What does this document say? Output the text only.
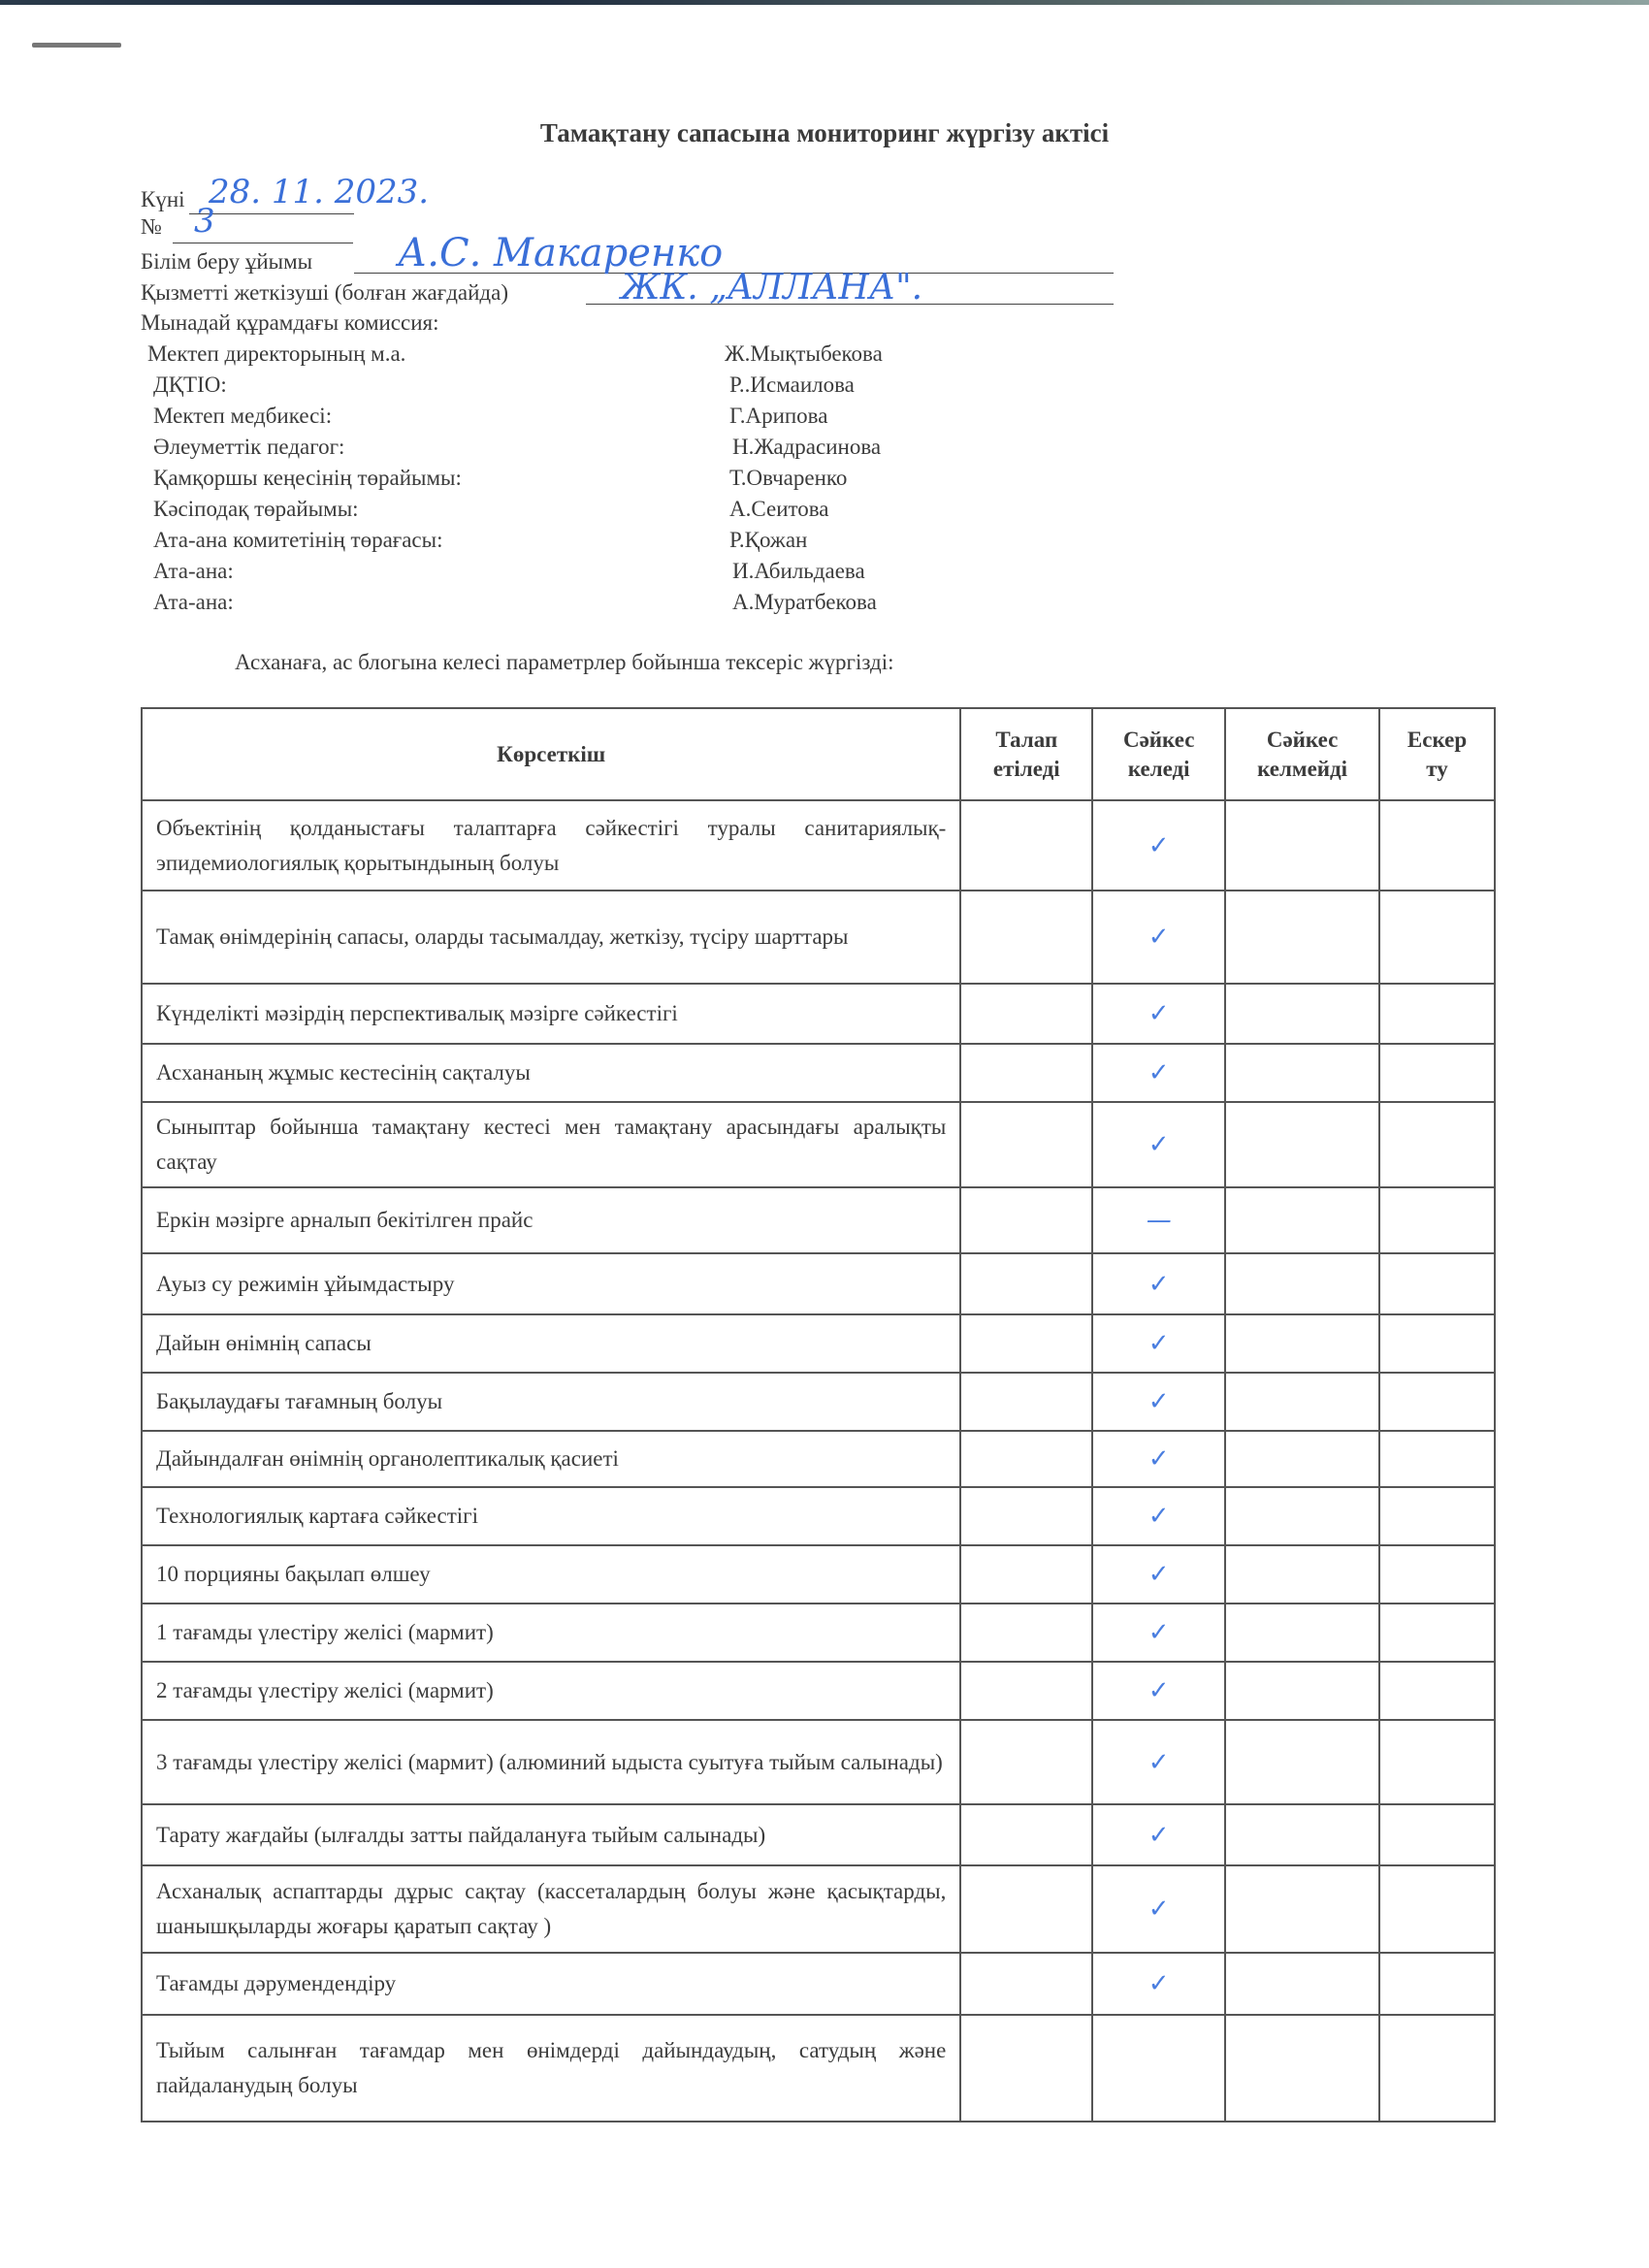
Тамақтану сапасына мониторинг жүргізу актісі
Күні 28. 11. 2023.
№ 3
Білім беру ұйымы А.С. Макаренко
Қызметті жеткізуші (болған жағдайда)	ЖК. „АЛЛАНА".
Мынадай құрамдағы комиссия:
Мектеп директорының м.а.	Ж.Мықтыбекова
ДҚТІО:	Р..Исмаилова
Мектеп медбикесі:	Г.Арипова
Әлеуметтік педагог:	Н.Жадрасинова
Қамқоршы кеңесінің төрайымы:	Т.Овчаренко
Кәсіподақ төрайымы:	А.Сеитова
Ата-ана комитетінің төрағасы:	Р.Қожан
Ата-ана:	И.Абильдаева
Ата-ана:	А.Муратбекова
Асханаға, ас блогына келесі параметрлер бойынша тексеріс жүргізді:
Көрсеткіш	Талап етіледі	Сәйкес келеді	Сәйкес келмейді	Ескер ту
Объектінің қолданыстағы талаптарға сәйкестігі туралы санитариялық-эпидемиологиялық қорытындының болуы		✓		
Тамақ өнімдерінің сапасы, оларды тасымалдау, жеткізу, түсіру шарттары		✓		
Күнделікті мәзірдің перспективалық мәзірге сәйкестігі		✓		
Асхананың жұмыс кестесінің сақталуы		✓		
Сыныптар бойынша тамақтану кестесі мен тамақтану арасындағы аралықты сақтау		✓		
Еркін мәзірге арналып бекітілген прайс		—		
Ауыз су режимін ұйымдастыру		✓		
Дайын өнімнің сапасы		✓		
Бақылаудағы тағамның болуы		✓		
Дайындалған өнімнің органолептикалық қасиеті		✓		
Технологиялық картаға сәйкестігі		✓		
10 порцияны бақылап өлшеу		✓		
1 тағамды үлестіру желісі (мармит)		✓		
2 тағамды үлестіру желісі (мармит)		✓		
3 тағамды үлестіру желісі (мармит) (алюминий ыдыста суытуға тыйым салынады)		✓		
Тарату жағдайы (ылғалды затты пайдалануға тыйым салынады)		✓		
Асханалық аспаптарды дұрыс сақтау (кассеталардың болуы және қасықтарды, шанышқыларды жоғары қаратып сақтау )		✓		
Тағамды дәрумендендіру		✓		
Тыйым салынған тағамдар мен өнімдерді дайындаудың, сатудың және пайдаланудың болуы				
